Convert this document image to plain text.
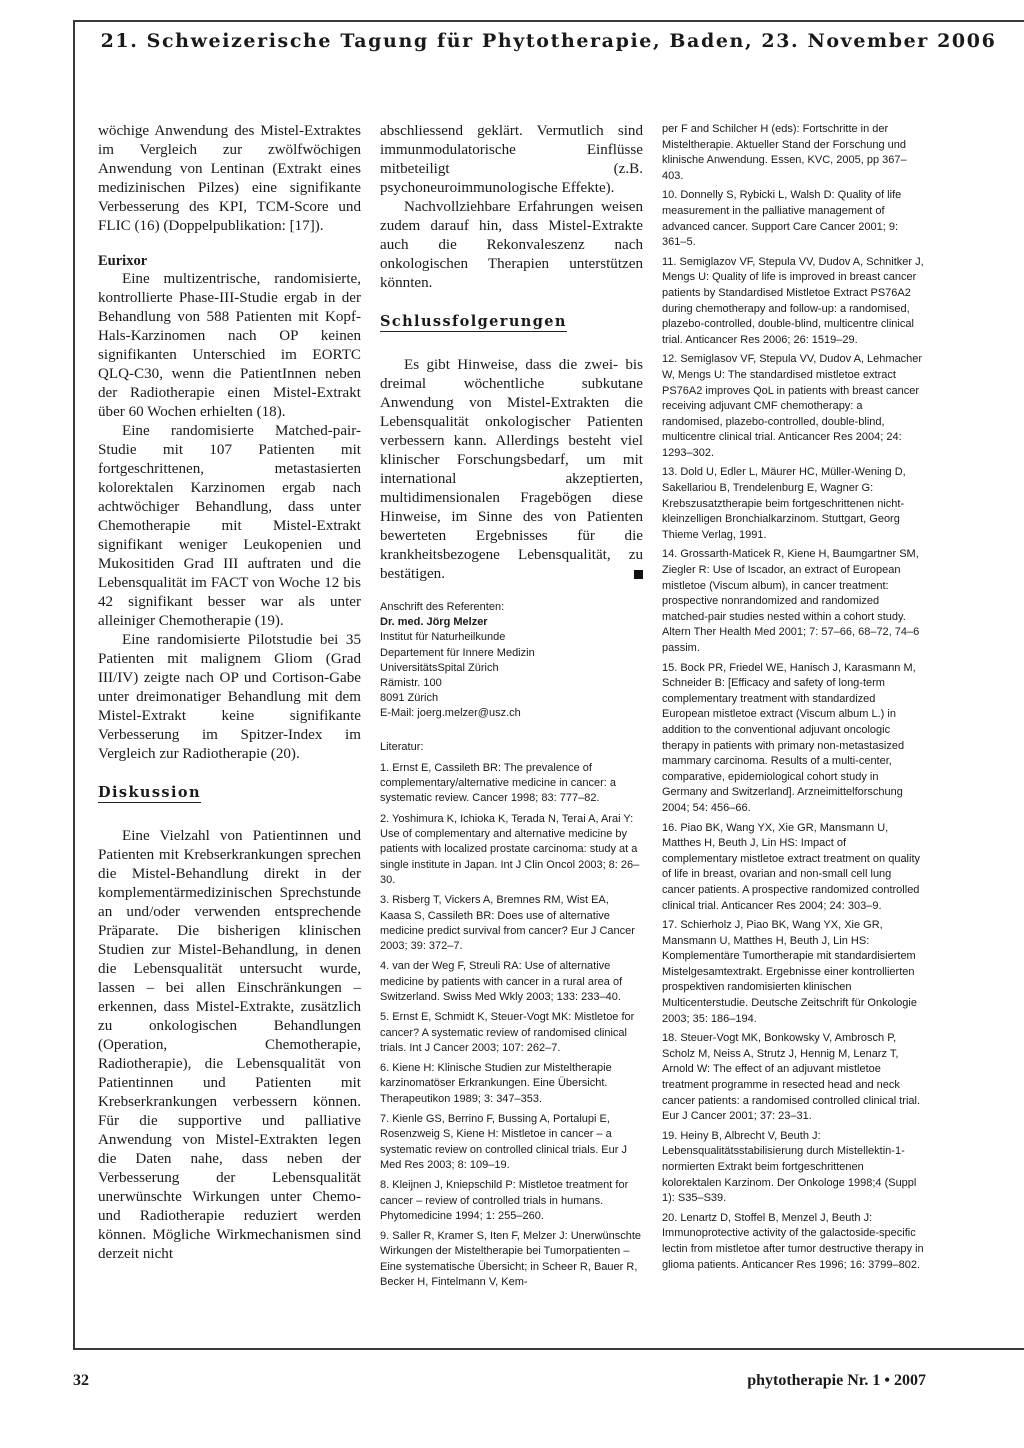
21. Schweizerische Tagung für Phytotherapie, Baden, 23. November 2006

wöchige Anwendung des Mistel-Extraktes im Vergleich zur zwölfwöchigen Anwendung von Lentinan (Extrakt eines medizinischen Pilzes) eine signifikante Verbesserung des KPI, TCM-Score und FLIC (16) (Doppelpublikation: [17]).

Eurixor

Eine multizentrische, randomisierte, kontrollierte Phase-III-Studie ergab in der Behandlung von 588 Patienten mit Kopf-Hals-Karzinomen nach OP keinen signifikanten Unterschied im EORTC QLQ-C30, wenn die PatientInnen neben der Radiotherapie einen Mistel-Extrakt über 60 Wochen erhielten (18).

Eine randomisierte Matched-pair-Studie mit 107 Patienten mit fortgeschrittenen, metastasierten kolorektalen Karzinomen ergab nach achtwöchiger Behandlung, dass unter Chemotherapie mit Mistel-Extrakt signifikant weniger Leukopenien und Mukositiden Grad III auftraten und die Lebensqualität im FACT von Woche 12 bis 42 signifikant besser war als unter alleiniger Chemotherapie (19).

Eine randomisierte Pilotstudie bei 35 Patienten mit malignem Gliom (Grad III/IV) zeigte nach OP und Cortison-Gabe unter dreimonatiger Behandlung mit dem Mistel-Extrakt keine signifikante Verbesserung im Spitzer-Index im Vergleich zur Radiotherapie (20).

Diskussion

Eine Vielzahl von Patientinnen und Patienten mit Krebserkrankungen sprechen die Mistel-Behandlung direkt in der komplementärmedizinischen Sprechstunde an und/oder verwenden entsprechende Präparate. Die bisherigen klinischen Studien zur Mistel-Behandlung, in denen die Lebensqualität untersucht wurde, lassen – bei allen Einschränkungen – erkennen, dass Mistel-Extrakte, zusätzlich zu onkologischen Behandlungen (Operation, Chemotherapie, Radiotherapie), die Lebensqualität von Patientinnen und Patienten mit Krebserkrankungen verbessern können. Für die supportive und palliative Anwendung von Mistel-Extrakten legen die Daten nahe, dass neben der Verbesserung der Lebensqualität unerwünschte Wirkungen unter Chemo- und Radiotherapie reduziert werden können. Mögliche Wirkmechanismen sind derzeit nicht

abschliessend geklärt. Vermutlich sind immunmodulatorische Einflüsse mitbeteiligt (z.B. psychoneuroimmunologische Effekte).

Nachvollziehbare Erfahrungen weisen zudem darauf hin, dass Mistel-Extrakte auch die Rekonvaleszenz nach onkologischen Therapien unterstützen könnten.

Schlussfolgerungen

Es gibt Hinweise, dass die zwei- bis dreimal wöchentliche subkutane Anwendung von Mistel-Extrakten die Lebensqualität onkologischer Patienten verbessern kann. Allerdings besteht viel klinischer Forschungsbedarf, um mit international akzeptierten, multidimensionalen Fragebögen diese Hinweise, im Sinne des von Patienten bewerteten Ergebnisses für die krankheitsbezogene Lebensqualität, zu bestätigen.

Anschrift des Referenten:
Dr. med. Jörg Melzer
Institut für Naturheilkunde
Departement für Innere Medizin
UniversitätsSpital Zürich
Rämistr. 100
8091 Zürich
E-Mail: joerg.melzer@usz.ch
Literatur:

1. Ernst E, Cassileth BR: The prevalence of complementary/alternative medicine in cancer: a systematic review. Cancer 1998; 83: 777–82.

2. Yoshimura K, Ichioka K, Terada N, Terai A, Arai Y: Use of complementary and alternative medicine by patients with localized prostate carcinoma: study at a single institute in Japan. Int J Clin Oncol 2003; 8: 26–30.

3. Risberg T, Vickers A, Bremnes RM, Wist EA, Kaasa S, Cassileth BR: Does use of alternative medicine predict survival from cancer? Eur J Cancer 2003; 39: 372–7.

4. van der Weg F, Streuli RA: Use of alternative medicine by patients with cancer in a rural area of Switzerland. Swiss Med Wkly 2003; 133: 233–40.

5. Ernst E, Schmidt K, Steuer-Vogt MK: Mistletoe for cancer? A systematic review of randomised clinical trials. Int J Cancer 2003; 107: 262–7.

6. Kiene H: Klinische Studien zur Misteltherapie karzinomatöser Erkrankungen. Eine Übersicht. Therapeutikon 1989; 3: 347–353.

7. Kienle GS, Berrino F, Bussing A, Portalupi E, Rosenzweig S, Kiene H: Mistletoe in cancer – a systematic review on controlled clinical trials. Eur J Med Res 2003; 8: 109–19.

8. Kleijnen J, Kniepschild P: Mistletoe treatment for cancer – review of controlled trials in humans. Phytomedicine 1994; 1: 255–260.

9. Saller R, Kramer S, Iten F, Melzer J: Unerwünschte Wirkungen der Misteltherapie bei Tumorpatienten – Eine systematische Übersicht; in Scheer R, Bauer R, Becker H, Fintelmann V, Kem-

per F and Schilcher H (eds): Fortschritte in der Misteltherapie. Aktueller Stand der Forschung und klinische Anwendung. Essen, KVC, 2005, pp 367–403.

10. Donnelly S, Rybicki L, Walsh D: Quality of life measurement in the palliative management of advanced cancer. Support Care Cancer 2001; 9: 361–5.

11. Semiglazov VF, Stepula VV, Dudov A, Schnitker J, Mengs U: Quality of life is improved in breast cancer patients by Standardised Mistletoe Extract PS76A2 during chemotherapy and follow-up: a randomised, plazebo-controlled, double-blind, multicentre clinical trial. Anticancer Res 2006; 26: 1519–29.

12. Semiglasov VF, Stepula VV, Dudov A, Lehmacher W, Mengs U: The standardised mistletoe extract PS76A2 improves QoL in patients with breast cancer receiving adjuvant CMF chemotherapy: a randomised, plazebo-controlled, double-blind, multicentre clinical trial. Anticancer Res 2004; 24: 1293–302.

13. Dold U, Edler L, Mäurer HC, Müller-Wening D, Sakellariou B, Trendelenburg E, Wagner G: Krebszusatztherapie beim fortgeschrittenen nicht-kleinzelligen Bronchialkarzinom. Stuttgart, Georg Thieme Verlag, 1991.

14. Grossarth-Maticek R, Kiene H, Baumgartner SM, Ziegler R: Use of Iscador, an extract of European mistletoe (Viscum album), in cancer treatment: prospective nonrandomized and randomized matched-pair studies nested within a cohort study. Altern Ther Health Med 2001; 7: 57–66, 68–72, 74–6 passim.

15. Bock PR, Friedel WE, Hanisch J, Karasmann M, Schneider B: [Efficacy and safety of long-term complementary treatment with standardized European mistletoe extract (Viscum album L.) in addition to the conventional adjuvant oncologic therapy in patients with primary non-metastasized mammary carcinoma. Results of a multi-center, comparative, epidemiological cohort study in Germany and Switzerland]. Arzneimittelforschung 2004; 54: 456–66.

16. Piao BK, Wang YX, Xie GR, Mansmann U, Matthes H, Beuth J, Lin HS: Impact of complementary mistletoe extract treatment on quality of life in breast, ovarian and non-small cell lung cancer patients. A prospective randomized controlled clinical trial. Anticancer Res 2004; 24: 303–9.

17. Schierholz J, Piao BK, Wang YX, Xie GR, Mansmann U, Matthes H, Beuth J, Lin HS: Komplementäre Tumortherapie mit standardisiertem Mistelgesamtextrakt. Ergebnisse einer kontrollierten prospektiven randomisierten klinischen Multicenterstudie. Deutsche Zeitschrift für Onkologie 2003; 35: 186–194.

18. Steuer-Vogt MK, Bonkowsky V, Ambrosch P, Scholz M, Neiss A, Strutz J, Hennig M, Lenarz T, Arnold W: The effect of an adjuvant mistletoe treatment programme in resected head and neck cancer patients: a randomised controlled clinical trial. Eur J Cancer 2001; 37: 23–31.

19. Heiny B, Albrecht V, Beuth J: Lebensqualitätsstabilisierung durch Mistellektin-1-normierten Extrakt beim fortgeschrittenen kolorektalen Karzinom. Der Onkologe 1998;4 (Suppl 1): S35–S39.

20. Lenartz D, Stoffel B, Menzel J, Beuth J: Immunoprotective activity of the galactoside-specific lectin from mistletoe after tumor destructive therapy in glioma patients. Anticancer Res 1996; 16: 3799–802.

32	phytotherapie Nr. 1 • 2007
